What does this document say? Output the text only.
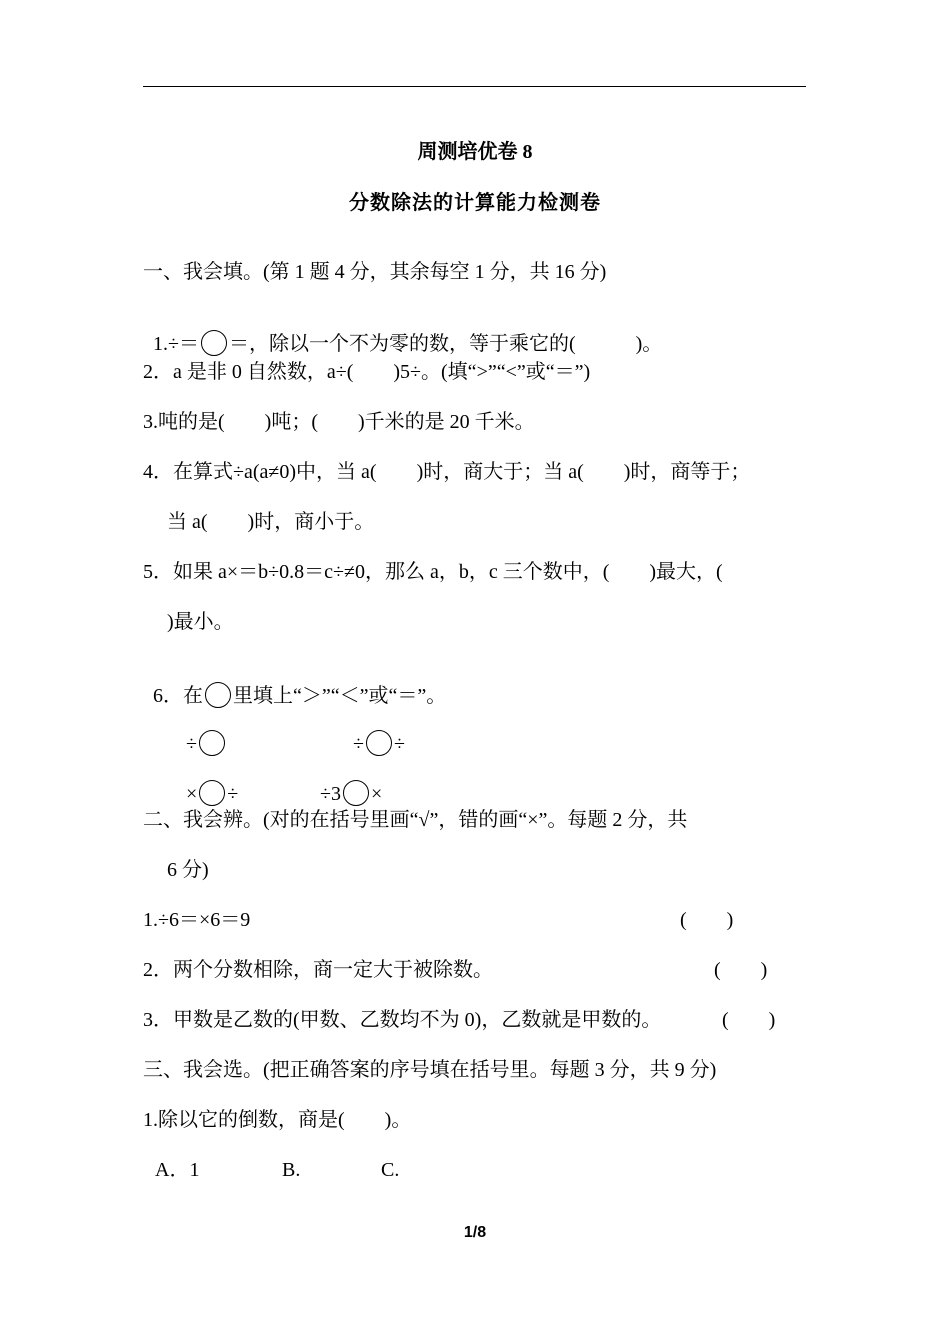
周测培优卷 8
分数除法的计算能力检测卷
一、我会填。(第 1 题 4 分，其余每空 1 分，共 16 分)

1.÷＝ ＝，除以一个不为零的数，等于乘它的(　　　)。

2．a 是非 0 自然数，a÷(　　)5÷。(填“>”“<”或“＝”)
3.吨的是(　　)吨；(　　)千米的是 20 千米。
4．在算式÷a(a≠0)中，当 a(　　)时，商大于；当 a(　　)时，商等于；
当 a(　　)时，商小于。
5．如果 a×＝b÷0.8＝c÷≠0，那么 a，b，c 三个数中，(　　)最大，(
)最小。

6．在 里填上“＞”“＜”或“＝”。

÷	÷ ÷

× ÷	÷3 ×

二、我会辨。(对的在括号里画“√”，错的画“×”。每题 2 分，共
6 分)
1.÷6＝×6＝9	(　　)
2．两个分数相除，商一定大于被除数。	(　　)
3．甲数是乙数的(甲数、乙数均不为 0)，乙数就是甲数的。	(　　)
三、我会选。(把正确答案的序号填在括号里。每题 3 分，共 9 分)
1.除以它的倒数，商是(　　)。
A．1	B.	C.
1/8
